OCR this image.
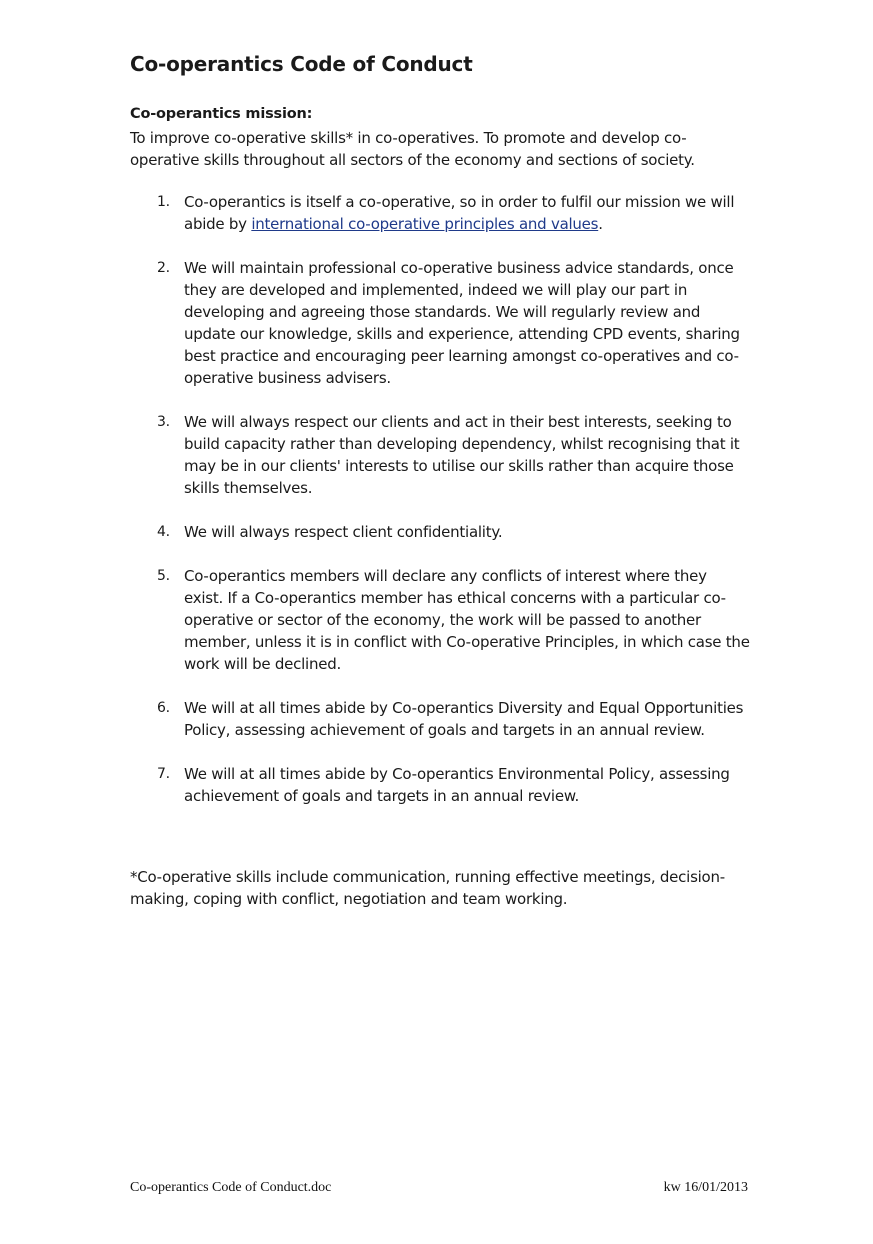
Co-operantics Code of Conduct

Co-operantics mission:

To improve co-operative skills* in co-operatives. To promote and develop co-operative skills throughout all sectors of the economy and sections of society.

1. Co-operantics is itself a co-operative, so in order to fulfil our mission we will abide by international co-operative principles and values.
2. We will maintain professional co-operative business advice standards, once they are developed and implemented, indeed we will play our part in developing and agreeing those standards. We will regularly review and update our knowledge, skills and experience, attending CPD events, sharing best practice and encouraging peer learning amongst co-operatives and co-operative business advisers.
3. We will always respect our clients and act in their best interests, seeking to build capacity rather than developing dependency, whilst recognising that it may be in our clients' interests to utilise our skills rather than acquire those skills themselves.
4. We will always respect client confidentiality.
5. Co-operantics members will declare any conflicts of interest where they exist. If a Co-operantics member has ethical concerns with a particular co-operative or sector of the economy, the work will be passed to another member, unless it is in conflict with Co-operative Principles, in which case the work will be declined.
6. We will at all times abide by Co-operantics Diversity and Equal Opportunities Policy, assessing achievement of goals and targets in an annual review.
7. We will at all times abide by Co-operantics Environmental Policy, assessing achievement of goals and targets in an annual review.

*Co-operative skills include communication, running effective meetings, decision-making, coping with conflict, negotiation and team working.

Co-operantics Code of Conduct.doc	kw 16/01/2013
